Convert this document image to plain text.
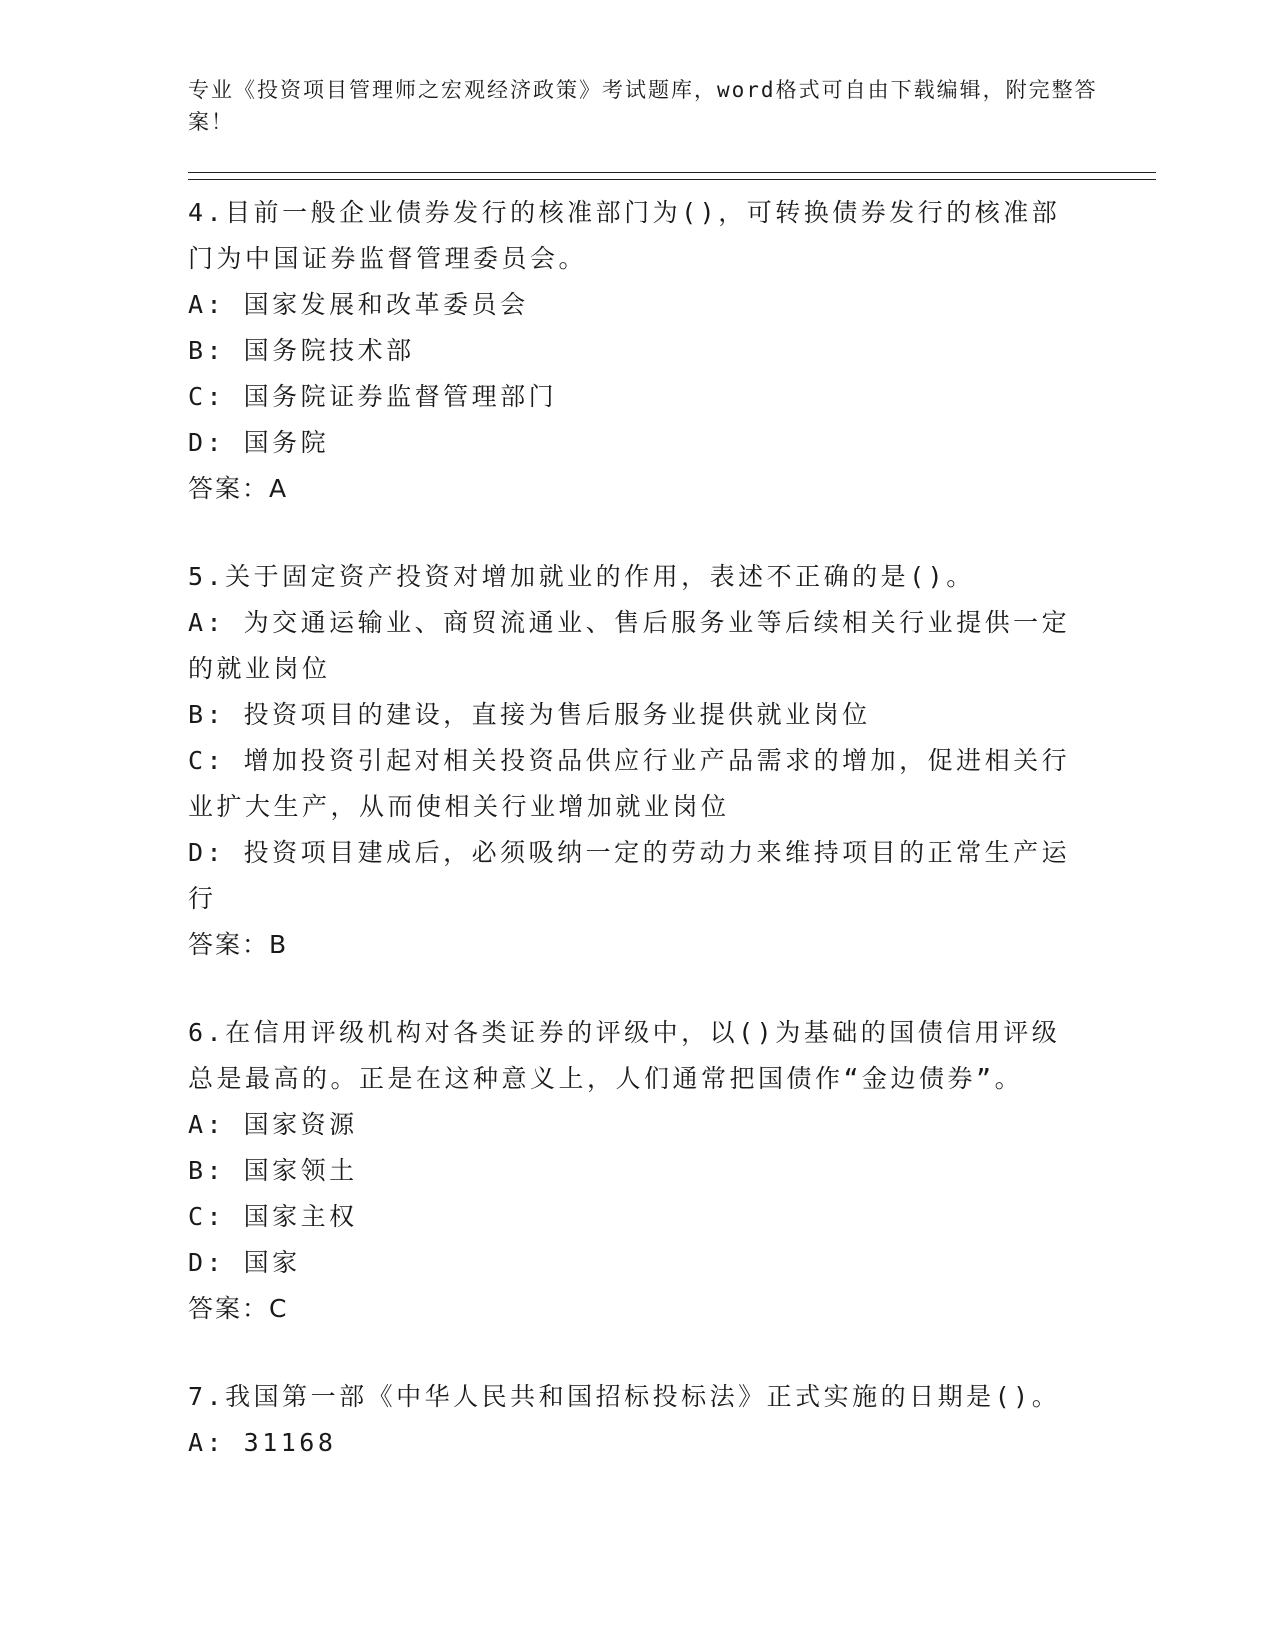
专业《投资项目管理师之宏观经济政策》考试题库，word格式可自由下载编辑，附完整答案！

4.目前一般企业债券发行的核准部门为()，可转换债券发行的核准部门为中国证券监督管理委员会。

A: 国家发展和改革委员会

B: 国务院技术部

C: 国务院证券监督管理部门

D: 国务院

答案：A

5.关于固定资产投资对增加就业的作用，表述不正确的是()。

A: 为交通运输业、商贸流通业、售后服务业等后续相关行业提供一定的就业岗位

B: 投资项目的建设，直接为售后服务业提供就业岗位

C: 增加投资引起对相关投资品供应行业产品需求的增加，促进相关行业扩大生产，从而使相关行业增加就业岗位

D: 投资项目建成后，必须吸纳一定的劳动力来维持项目的正常生产运行

答案：B

6.在信用评级机构对各类证券的评级中，以()为基础的国债信用评级总是最高的。正是在这种意义上，人们通常把国债作“金边债券”。

A: 国家资源

B: 国家领土

C: 国家主权

D: 国家

答案：C

7.我国第一部《中华人民共和国招标投标法》正式实施的日期是()。

A: 31168
